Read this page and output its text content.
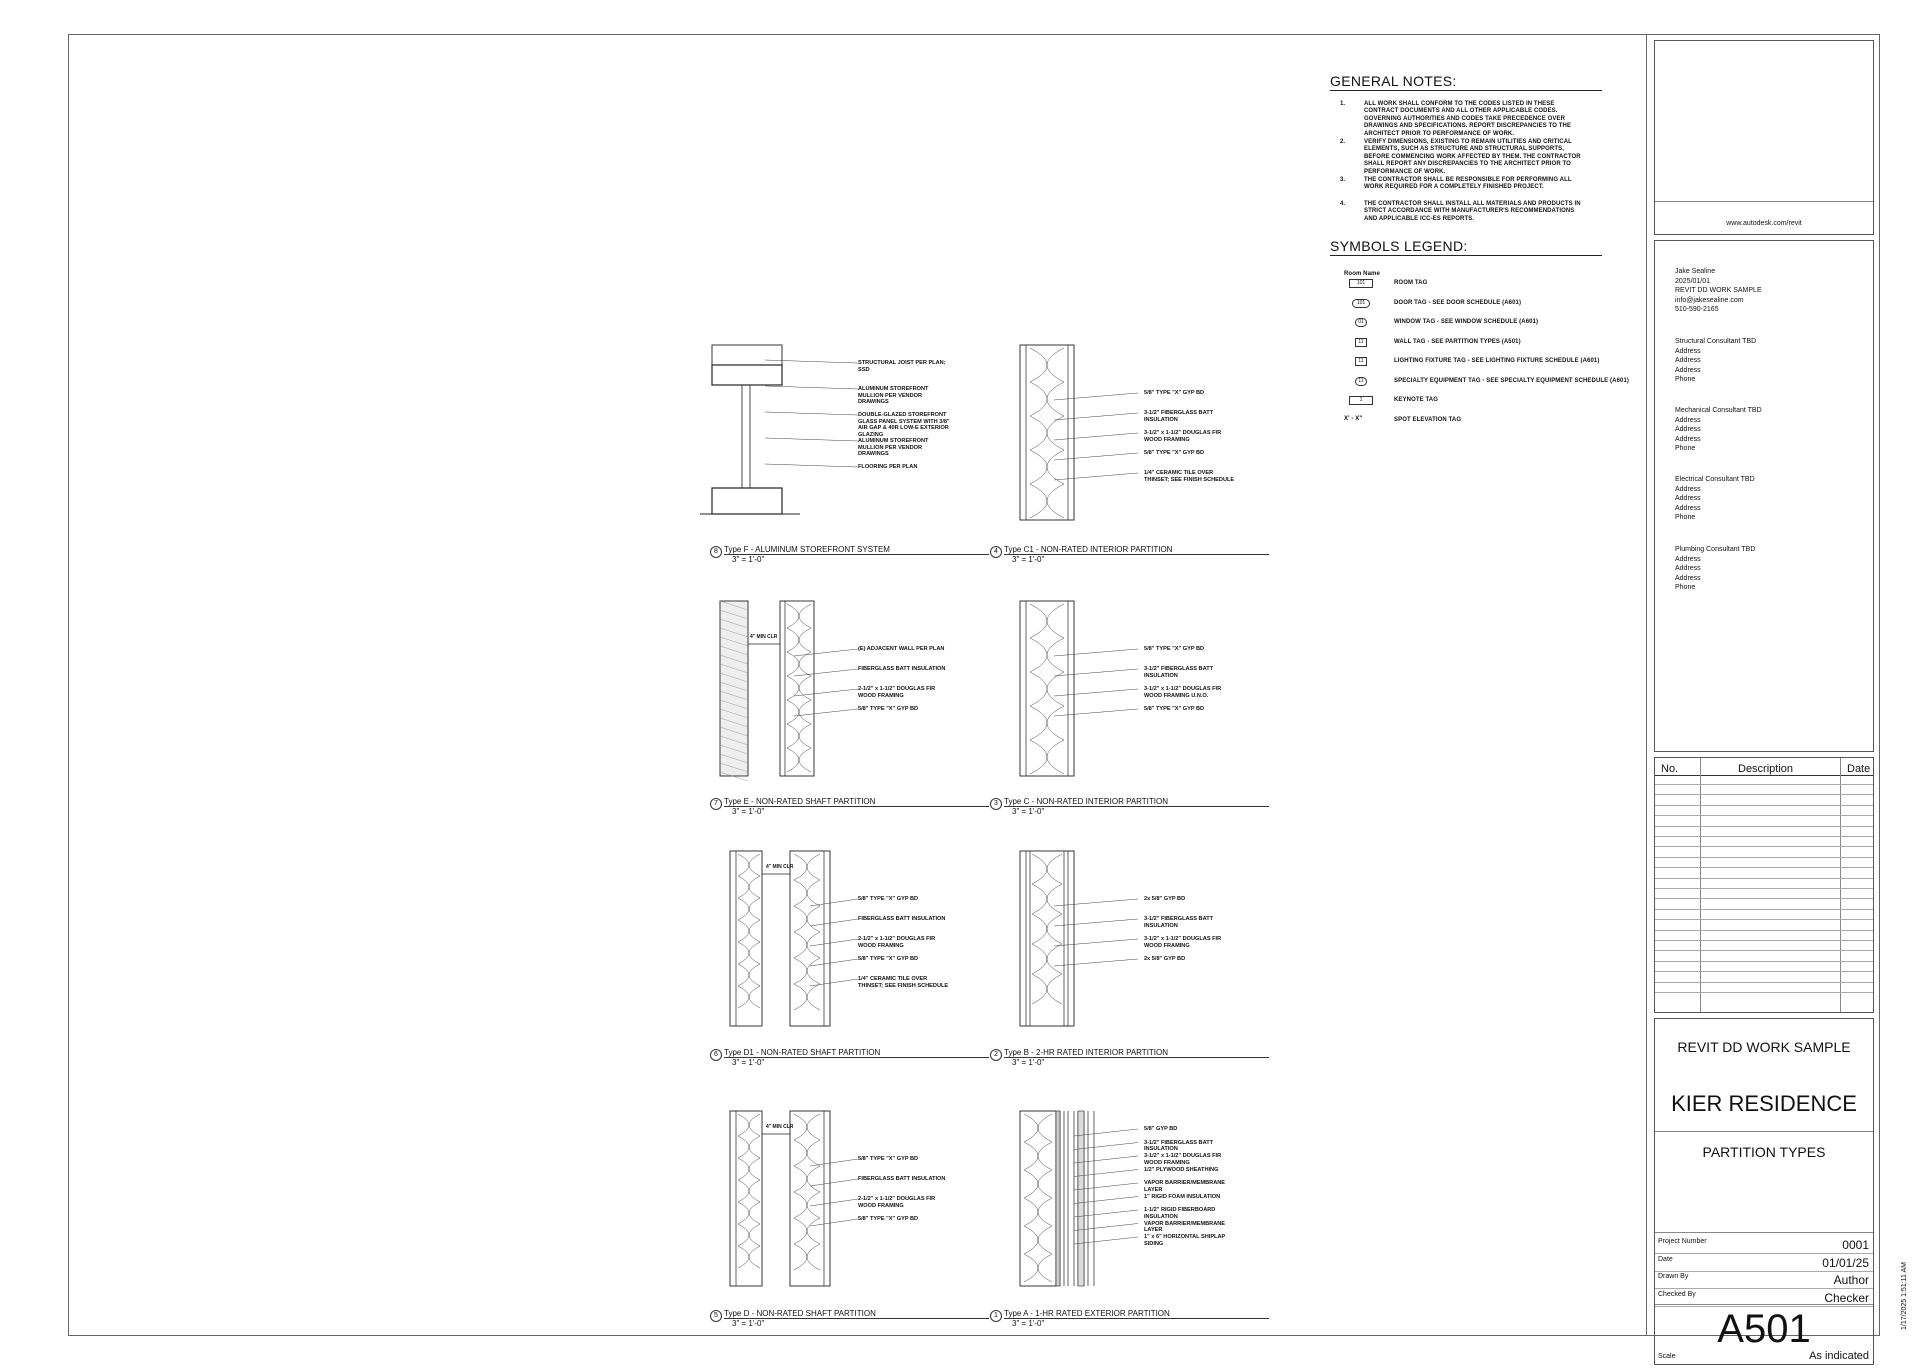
GENERAL NOTES:
1.	ALL WORK SHALL CONFORM TO THE CODES LISTED IN THESE CONTRACT DOCUMENTS AND ALL OTHER APPLICABLE CODES. GOVERNING AUTHORITIES AND CODES TAKE PRECEDENCE OVER DRAWINGS AND SPECIFICATIONS. REPORT DISCREPANCIES TO THE ARCHITECT PRIOR TO PERFORMANCE OF WORK.
2.	VERIFY DIMENSIONS, EXISTING TO REMAIN UTILITIES AND CRITICAL ELEMENTS, SUCH AS STRUCTURE AND STRUCTURAL SUPPORTS, BEFORE COMMENCING WORK AFFECTED BY THEM. THE CONTRACTOR SHALL REPORT ANY DISCREPANCIES TO THE ARCHITECT PRIOR TO PERFORMANCE OF WORK.
3.	THE CONTRACTOR SHALL BE RESPONSIBLE FOR PERFORMING ALL WORK REQUIRED FOR A COMPLETELY FINISHED PROJECT.
4.	THE CONTRACTOR SHALL INSTALL ALL MATERIALS AND PRODUCTS IN STRICT ACCORDANCE WITH MANUFACTURER'S RECOMMENDATIONS AND APPLICABLE ICC-ES REPORTS.
SYMBOLS LEGEND:
Room Name
101	ROOM TAG
101	DOOR TAG - SEE DOOR SCHEDULE (A601)
01	WINDOW TAG - SEE WINDOW SCHEDULE (A601)
11	WALL TAG - SEE PARTITION TYPES (A501)
11	LIGHTING FIXTURE TAG - SEE LIGHTING FIXTURE SCHEDULE (A601)
11	SPECIALTY EQUIPMENT TAG - SEE SPECIALTY EQUIPMENT SCHEDULE (A601)
1	KEYNOTE TAG
X' - X"	SPOT ELEVATION TAG
STRUCTURAL JOIST PER PLAN; SSD
ALUMINUM STOREFRONT MULLION PER VENDOR DRAWINGS
DOUBLE-GLAZED STOREFRONT GLASS PANEL SYSTEM WITH 3/8" AIR GAP & 40R LOW-E EXTERIOR GLAZING
ALUMINUM STOREFRONT MULLION PER VENDOR DRAWINGS
FLOORING PER PLAN
8 Type F - ALUMINUM STOREFRONT SYSTEM
3" = 1'-0"
5/8" TYPE "X" GYP BD
3-1/2" FIBERGLASS BATT INSULATION
3-1/2" x 1-1/2" DOUGLAS FIR WOOD FRAMING
5/8" TYPE "X" GYP BD
1/4" CERAMIC TILE OVER THINSET; SEE FINISH SCHEDULE
4 Type C1 - NON-RATED INTERIOR PARTITION
3" = 1'-0"
4" MIN CLR
(E) ADJACENT WALL PER PLAN
FIBERGLASS BATT INSULATION
2-1/2" x 1-1/2" DOUGLAS FIR WOOD FRAMING
5/8" TYPE "X" GYP BD
7 Type E - NON-RATED SHAFT PARTITION
3" = 1'-0"
5/8" TYPE "X" GYP BD
3-1/2" FIBERGLASS BATT INSULATION
3-1/2" x 1-1/2" DOUGLAS FIR WOOD FRAMING U.N.O.
5/8" TYPE "X" GYP BD
3 Type C - NON-RATED INTERIOR PARTITION
3" = 1'-0"
4" MIN CLR
5/8" TYPE "X" GYP BD
FIBERGLASS BATT INSULATION
2-1/2" x 1-1/2" DOUGLAS FIR WOOD FRAMING
5/8" TYPE "X" GYP BD
1/4" CERAMIC TILE OVER THINSET; SEE FINISH SCHEDULE
6 Type D1 - NON-RATED SHAFT PARTITION
3" = 1'-0"
2x 5/8" GYP BD
3-1/2" FIBERGLASS BATT INSULATION
3-1/2" x 1-1/2" DOUGLAS FIR WOOD FRAMING
2x 5/8" GYP BD
2 Type B - 2-HR RATED INTERIOR PARTITION
3" = 1'-0"
4" MIN CLR
5/8" TYPE "X" GYP BD
FIBERGLASS BATT INSULATION
2-1/2" x 1-1/2" DOUGLAS FIR WOOD FRAMING
5/8" TYPE "X" GYP BD
5 Type D - NON-RATED SHAFT PARTITION
3" = 1'-0"
5/8" GYP BD
3-1/2" FIBERGLASS BATT INSULATION
3-1/2" x 1-1/2" DOUGLAS FIR WOOD FRAMING
1/2" PLYWOOD SHEATHING
VAPOR BARRIER/MEMBRANE LAYER
1" RIGID FOAM INSULATION
1-1/2" RIGID FIBERBOARD INSULATION
VAPOR BARRIER/MEMBRANE LAYER
1" x 6" HORIZONTAL SHIPLAP SIDING
1 Type A - 1-HR RATED EXTERIOR PARTITION
3" = 1'-0"
www.autodesk.com/revit
Jake Sealine
2025/01/01
REVIT DD WORK SAMPLE
info@jakesealine.com
510-590-2165
Structural Consultant TBD
Address
Address
Address
Phone
Mechanical Consultant TBD
Address
Address
Address
Phone
Electrical Consultant TBD
Address
Address
Address
Phone
Plumbing Consultant TBD
Address
Address
Address
Phone
No.	Description	Date
REVIT DD WORK SAMPLE
KIER RESIDENCE
PARTITION TYPES
Project Number	0001
Date	01/01/25
Drawn By	Author
Checked By	Checker
A501
Scale	As indicated
1/17/2025 1:51:11 AM
